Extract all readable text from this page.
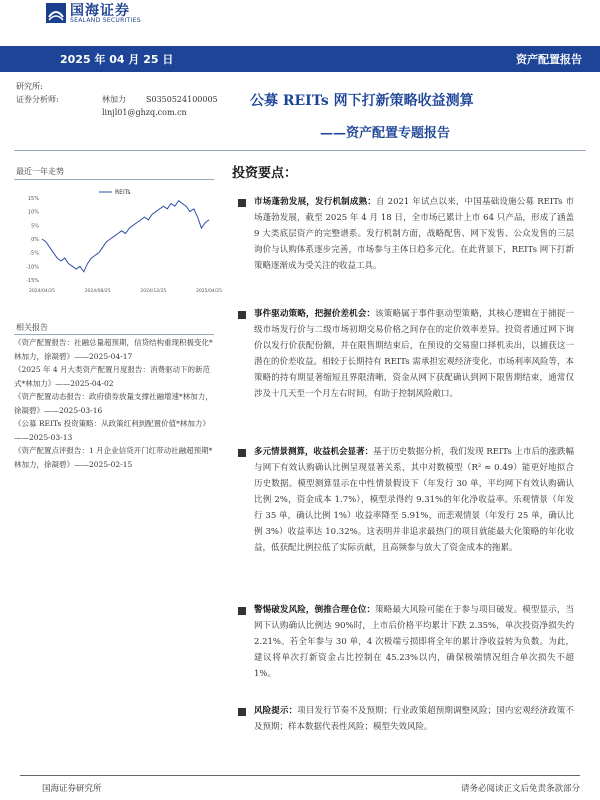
国海证券
SEALAND SECURITIES
2025 年 04 月 25 日	资产配置报告
研究所:
证券分析师:	林加力	S0350524100005
linjl01@ghzq.com.cn
公募 REITs 网下打新策略收益测算
——资产配置专题报告
最近一年走势
15%
10%
5%
0%
-5%
-10%
-15%
2024/04/25	2024/08/25	2024/12/25	2025/04/25
REITs
相关报告

《资产配置报告：社融总量超预期，信贷结构重现积极变化*林加力，徐凝碧》——2025-04-17

《2025 年 4 月大类资产配置月度报告：消费驱动下的新范式*林加力》——2025-04-02

《资产配置动态报告：政府债券放量支撑社融增速*林加力，徐凝碧》——2025-03-16

《公募 REITs 投资策略：从政策红利到配置价值*林加力》——2025-03-13

《资产配置点评报告：1 月企业信贷开门红带动社融超预期*林加力，徐凝碧》——2025-02-15

投资要点：
市场蓬勃发展，发行机制成熟：自 2021 年试点以来，中国基础设施公募 REITs 市场蓬勃发展，截至 2025 年 4 月 18 日，全市场已累计上市 64 只产品，形成了涵盖 9 大类底层资产的完整谱系。发行机制方面，战略配售、网下发售、公众发售的三层询价与认购体系逐步完善，市场参与主体日趋多元化。在此背景下，REITs 网下打新策略逐渐成为受关注的收益工具。
事件驱动策略，把握价差机会：该策略属于事件驱动型策略，其核心逻辑在于捕捉一级市场发行价与二级市场初期交易价格之间存在的定价效率差异。投资者通过网下询价以发行价获配份额，并在限售期结束后，在预设的交易窗口择机卖出，以捕获这一潜在的价差收益。相较于长期持有 REITs 需承担宏观经济变化、市场利率风险等，本策略的持有期显著缩短且界限清晰，资金从网下获配确认到网下限售期结束，通常仅涉及十几天至一个月左右时间，有助于控制风险敞口。
多元情景测算，收益机会显著：基于历史数据分析，我们发现 REITs 上市后的涨跌幅与网下有效认购确认比例呈现显著关系，其中对数模型（R² ≈ 0.49）能更好地拟合历史数据。模型测算显示在中性情景假设下（年发行 30 单，平均网下有效认购确认比例 2%，资金成本 1.7%），模型录得约 9.31%的年化净收益率。乐观情景（年发行 35 单，确认比例 1%）收益率降至 5.91%，而悲观情景（年发行 25 单，确认比例 3%）收益率达 10.32%。这表明并非追求最热门的项目就能最大化策略的年化收益，低获配比例拉低了实际贡献，且高频参与放大了资金成本的拖累。
警惕破发风险，倒推合理仓位：策略最大风险可能在于参与项目破发。模型显示，当网下认购确认比例达 90%时，上市后价格平均累计下跌 2.35%，单次投资净损失约 2.21%。若全年参与 30 单，4 次极端亏损即将全年的累计净收益转为负数。为此，建议将单次打新资金占比控制在 45.23%以内，确保极端情况组合单次损失不超 1%。
风险提示：项目发行节奏不及预期；行业政策超预期调整风险；国内宏观经济政策不及预期；样本数据代表性风险；模型失效风险。
国海证券研究所	请务必阅读正文后免责条款部分
